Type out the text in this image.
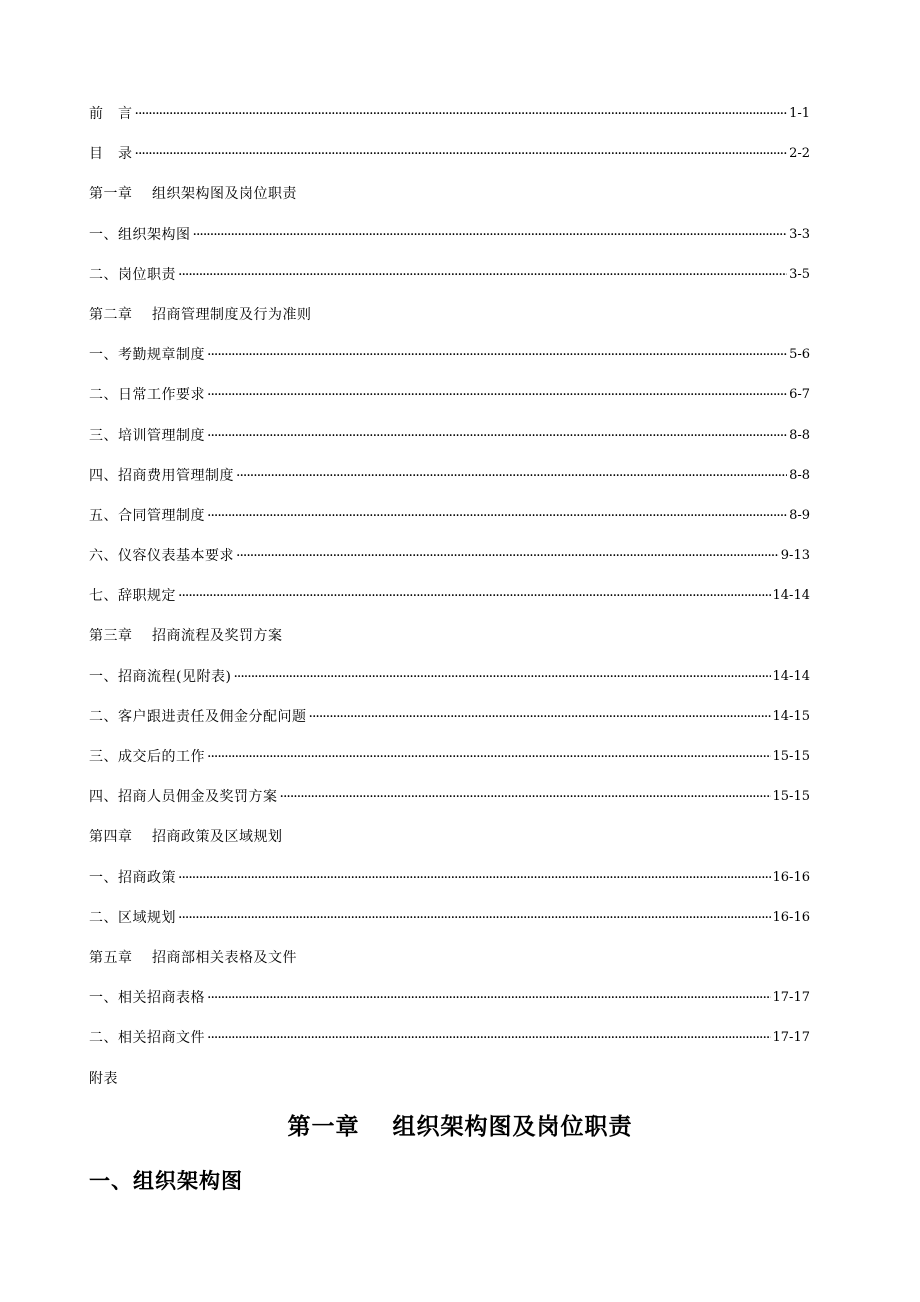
前　言 ·····	1-1
目　录 ·····	2-2
第一章　 组织架构图及岗位职责
一、组织架构图 ·····	3-3
二、岗位职责 ·····	3-5
第二章　 招商管理制度及行为准则
一、考勤规章制度 ·····	5-6
二、日常工作要求 ·····	6-7
三、培训管理制度 ·····	8-8
四、招商费用管理制度 ·····	8-8
五、合同管理制度 ·····	8-9
六、仪容仪表基本要求 ·····	9-13
七、辞职规定 ·····	14-14
第三章　 招商流程及奖罚方案
一、招商流程(见附表) ·····	14-14
二、客户跟进责任及佣金分配问题 ·····	14-15
三、成交后的工作 ·····	15-15
四、招商人员佣金及奖罚方案 ·····	15-15
第四章　 招商政策及区域规划
一、招商政策 ·····	16-16
二、区域规划 ·····	16-16
第五章　 招商部相关表格及文件
一、相关招商表格 ·····	17-17
二、相关招商文件 ·····	17-17
附表
第一章　 组织架构图及岗位职责
一、组织架构图
